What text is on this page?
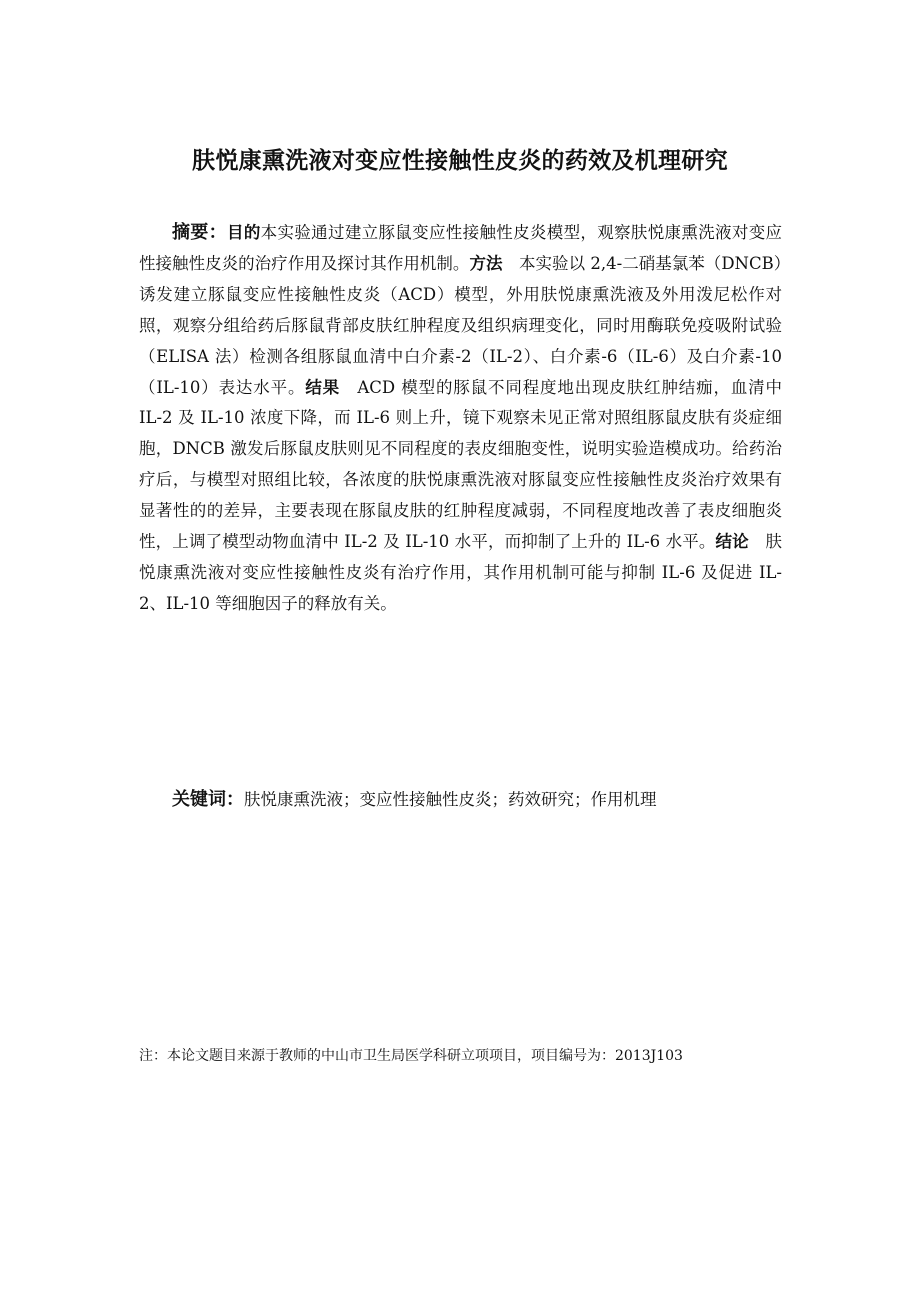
肤悦康熏洗液对变应性接触性皮炎的药效及机理研究

摘要：目的本实验通过建立豚鼠变应性接触性皮炎模型，观察肤悦康熏洗液对变应性接触性皮炎的治疗作用及探讨其作用机制。方法　 本实验以 2,4-二硝基氯苯（DNCB）诱发建立豚鼠变应性接触性皮炎（ACD）模型，外用肤悦康熏洗液及外用泼尼松作对照，观察分组给药后豚鼠背部皮肤红肿程度及组织病理变化，同时用酶联免疫吸附试验（ELISA 法）检测各组豚鼠血清中白介素-2（IL-2）、白介素-6（IL-6）及白介素-10（IL-10）表达水平。结果　 ACD 模型的豚鼠不同程度地出现皮肤红肿结痂，血清中 IL-2 及 IL-10 浓度下降，而 IL-6 则上升，镜下观察未见正常对照组豚鼠皮肤有炎症细胞，DNCB 激发后豚鼠皮肤则见不同程度的表皮细胞变性，说明实验造模成功。给药治疗后，与模型对照组比较，各浓度的肤悦康熏洗液对豚鼠变应性接触性皮炎治疗效果有显著性的的差异，主要表现在豚鼠皮肤的红肿程度减弱，不同程度地改善了表皮细胞炎性，上调了模型动物血清中 IL-2 及 IL-10 水平，而抑制了上升的 IL-6 水平。结论　 肤悦康熏洗液对变应性接触性皮炎有治疗作用，其作用机制可能与抑制 IL-6 及促进 IL-2、IL-10 等细胞因子的释放有关。

关键词：肤悦康熏洗液；变应性接触性皮炎；药效研究；作用机理

注：本论文题目来源于教师的中山市卫生局医学科研立项项目，项目编号为：2013J103
